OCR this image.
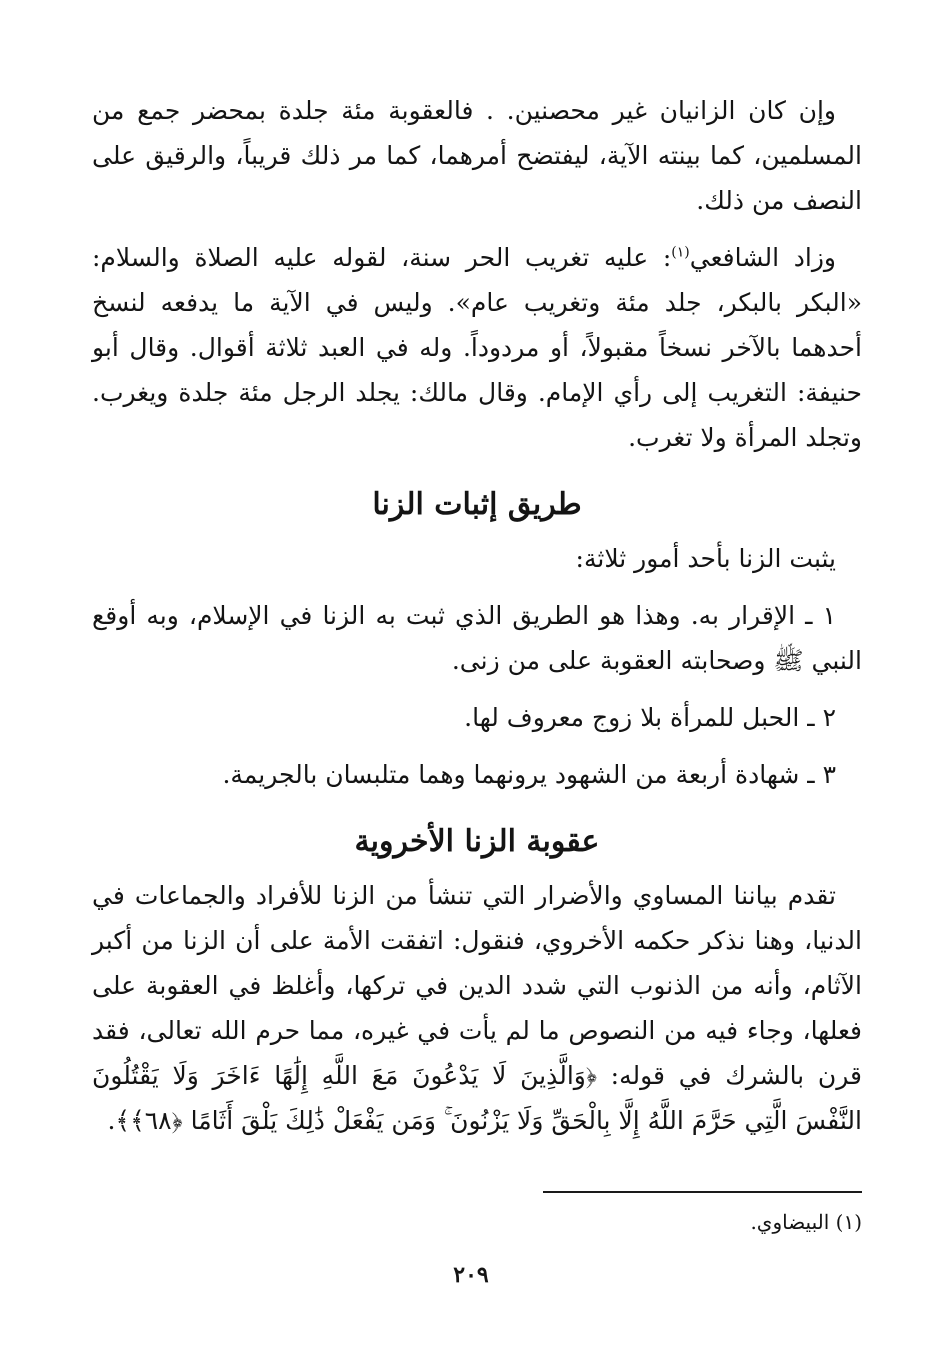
وإن كان الزانيان غير محصنين. . فالعقوبة مئة جلدة بمحضر جمع من المسلمين، كما بينته الآية، ليفتضح أمرهما، كما مر ذلك قريباً، والرقيق على النصف من ذلك.

وزاد الشافعي$^{(١)}$: عليه تغريب الحر سنة، لقوله عليه الصلاة والسلام: «البكر بالبكر، جلد مئة وتغريب عام». وليس في الآية ما يدفعه لنسخ أحدهما بالآخر نسخاً مقبولاً، أو مردوداً. وله في العبد ثلاثة أقوال. وقال أبو حنيفة: التغريب إلى رأي الإمام. وقال مالك: يجلد الرجل مئة جلدة ويغرب. وتجلد المرأة ولا تغرب.

طريق إثبات الزنا

يثبت الزنا بأحد أمور ثلاثة:

١ ـ الإقرار به. وهذا هو الطريق الذي ثبت به الزنا في الإسلام، وبه أوقع النبي ﷺ وصحابته العقوبة على من زنى.

٢ ـ الحبل للمرأة بلا زوج معروف لها.

٣ ـ شهادة أربعة من الشهود يرونهما وهما متلبسان بالجريمة.

عقوبة الزنا الأخروية

تقدم بياننا المساوي والأضرار التي تنشأ من الزنا للأفراد والجماعات في الدنيا، وهنا نذكر حكمه الأخروي، فنقول: اتفقت الأمة على أن الزنا من أكبر الآثام، وأنه من الذنوب التي شدد الدين في تركها، وأغلظ في العقوبة على فعلها، وجاء فيه من النصوص ما لم يأت في غيره، مما حرم الله تعالى، فقد قرن بالشرك في قوله: ﴿وَالَّذِينَ لَا يَدْعُونَ مَعَ اللَّهِ إِلَٰهًا ءَاخَرَ وَلَا يَقْتُلُونَ النَّفْسَ الَّتِي حَرَّمَ اللَّهُ إِلَّا بِالْحَقِّ وَلَا يَزْنُونَ ۚ وَمَن يَفْعَلْ ذَٰلِكَ يَلْقَ أَثَامًا ﴿٦٨﴾﴾.

(١) البيضاوي.

٢٠٩
